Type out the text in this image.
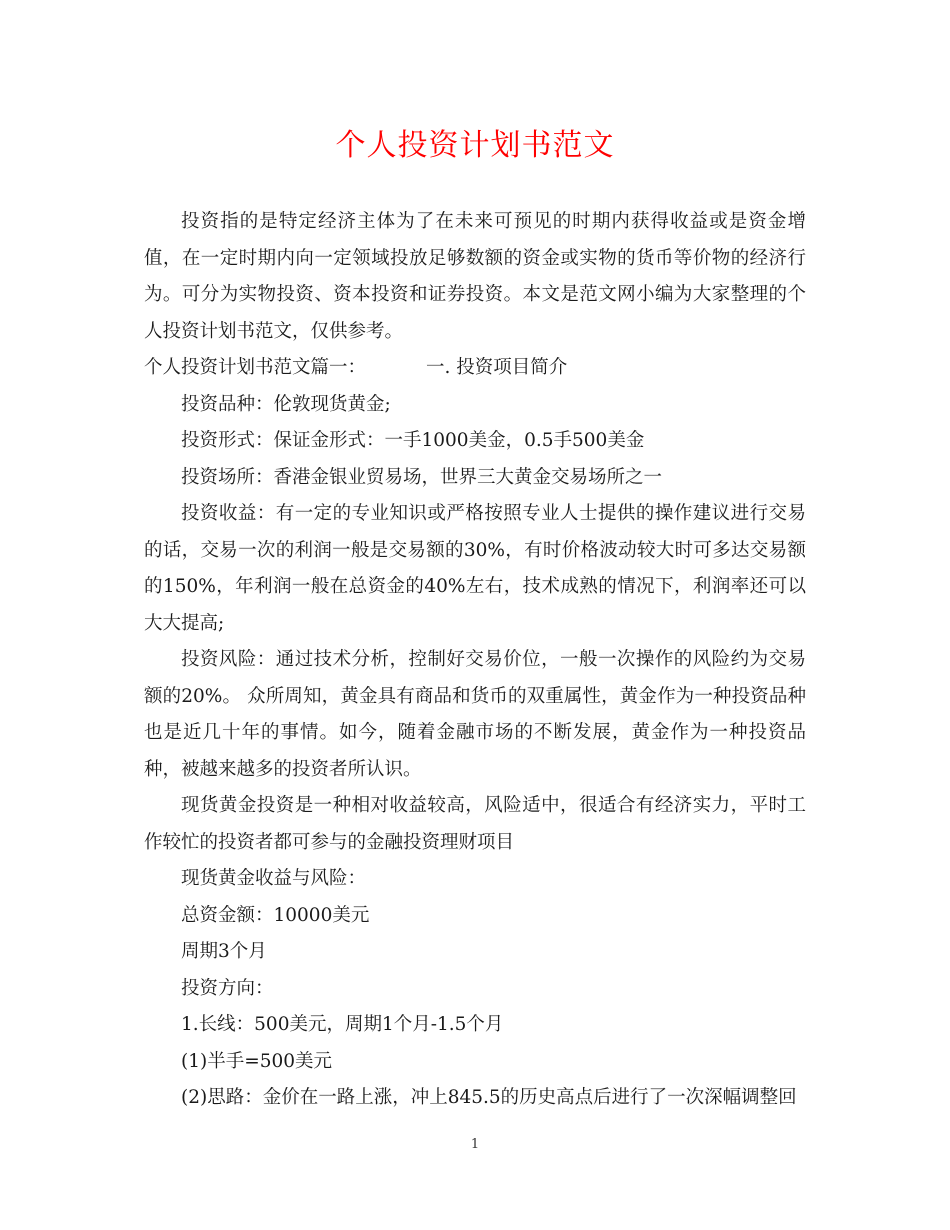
个人投资计划书范文

投资指的是特定经济主体为了在未来可预见的时期内获得收益或是资金增值，在一定时期内向一定领域投放足够数额的资金或实物的货币等价物的经济行为。可分为实物投资、资本投资和证券投资。本文是范文网小编为大家整理的个人投资计划书范文，仅供参考。

个人投资计划书范文篇一：	一. 投资项目简介

投资品种：伦敦现货黄金;

投资形式：保证金形式：一手1000美金，0.5手500美金

投资场所：香港金银业贸易场，世界三大黄金交易场所之一

投资收益：有一定的专业知识或严格按照专业人士提供的操作建议进行交易的话，交易一次的利润一般是交易额的30%，有时价格波动较大时可多达交易额的150%，年利润一般在总资金的40%左右，技术成熟的情况下，利润率还可以大大提高;

投资风险：通过技术分析，控制好交易价位，一般一次操作的风险约为交易额的20%。 众所周知，黄金具有商品和货币的双重属性，黄金作为一种投资品种也是近几十年的事情。如今，随着金融市场的不断发展，黄金作为一种投资品种，被越来越多的投资者所认识。

现货黄金投资是一种相对收益较高，风险适中，很适合有经济实力，平时工作较忙的投资者都可参与的金融投资理财项目

现货黄金收益与风险：

总资金额：10000美元

周期3个月

投资方向：

1.长线：500美元，周期1个月-1.5个月

(1)半手=500美元

(2)思路：金价在一路上涨，冲上845.5的历史高点后进行了一次深幅调整回

1
